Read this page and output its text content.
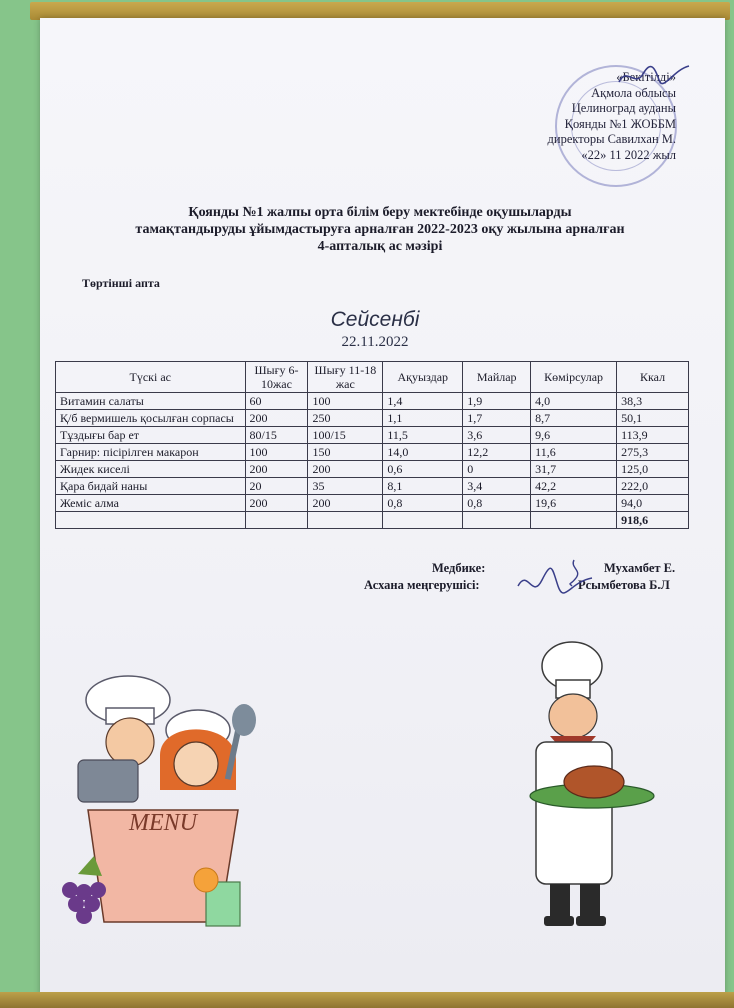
«Бекітілді»
Ақмола облысы
Целиноград ауданы
Қоянды №1 ЖОББМ
директоры Савилхан М.
«22» 11 2022 жыл
Қоянды №1 жалпы орта білім беру мектебінде оқушыларды
тамақтандыруды ұйымдастыруға арналған 2022-2023 оқу жылына арналған
4-апталық ас мәзірі
Төртінші апта
Сейсенбі
22.11.2022
Түскі ас	Шығу 6-10жас	Шығу 11-18 жас	Ақуыздар	Майлар	Көмірсулар	Ккал
Витамин салаты	60	100	1,4	1,9	4,0	38,3
Қ/б вермишель қосылған сорпасы	200	250	1,1	1,7	8,7	50,1
Тұздығы бар ет	80/15	100/15	11,5	3,6	9,6	113,9
Гарнир: пісірілген макарон	100	150	14,0	12,2	11,6	275,3
Жидек киселі	200	200	0,6	0	31,7	125,0
Қара бидай наны	20	35	8,1	3,4	42,2	222,0
Жеміс алма	200	200	0,8	0,8	19,6	94,0
						918,6
Медбике:	Мухамбет Е.
Асхана меңгерушісі:	Рсымбетова Б.Л
MENU
